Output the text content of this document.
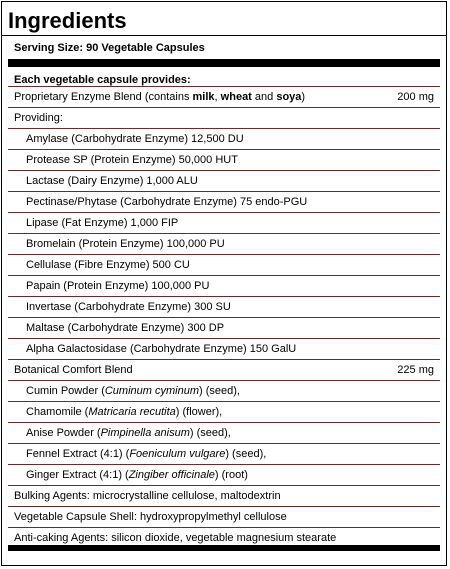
Ingredients
Serving Size: 90 Vegetable Capsules
Each vegetable capsule provides:
Proprietary Enzyme Blend (contains milk, wheat and soya)	200 mg
Providing:
Amylase (Carbohydrate Enzyme) 12,500 DU
Protease SP (Protein Enzyme) 50,000 HUT
Lactase (Dairy Enzyme) 1,000 ALU
Pectinase/Phytase (Carbohydrate Enzyme) 75 endo-PGU
Lipase (Fat Enzyme) 1,000 FIP
Bromelain (Protein Enzyme) 100,000 PU
Cellulase (Fibre Enzyme) 500 CU
Papain (Protein Enzyme) 100,000 PU
Invertase (Carbohydrate Enzyme) 300 SU
Maltase (Carbohydrate Enzyme) 300 DP
Alpha Galactosidase (Carbohydrate Enzyme) 150 GalU
Botanical Comfort Blend	225 mg
Cumin Powder (Cuminum cyminum) (seed),
Chamomile (Matricaria recutita) (flower),
Anise Powder (Pimpinella anisum) (seed),
Fennel Extract (4:1) (Foeniculum vulgare) (seed),
Ginger Extract (4:1) (Zingiber officinale) (root)
Bulking Agents: microcrystalline cellulose, maltodextrin
Vegetable Capsule Shell: hydroxypropylmethyl cellulose
Anti-caking Agents: silicon dioxide, vegetable magnesium stearate
